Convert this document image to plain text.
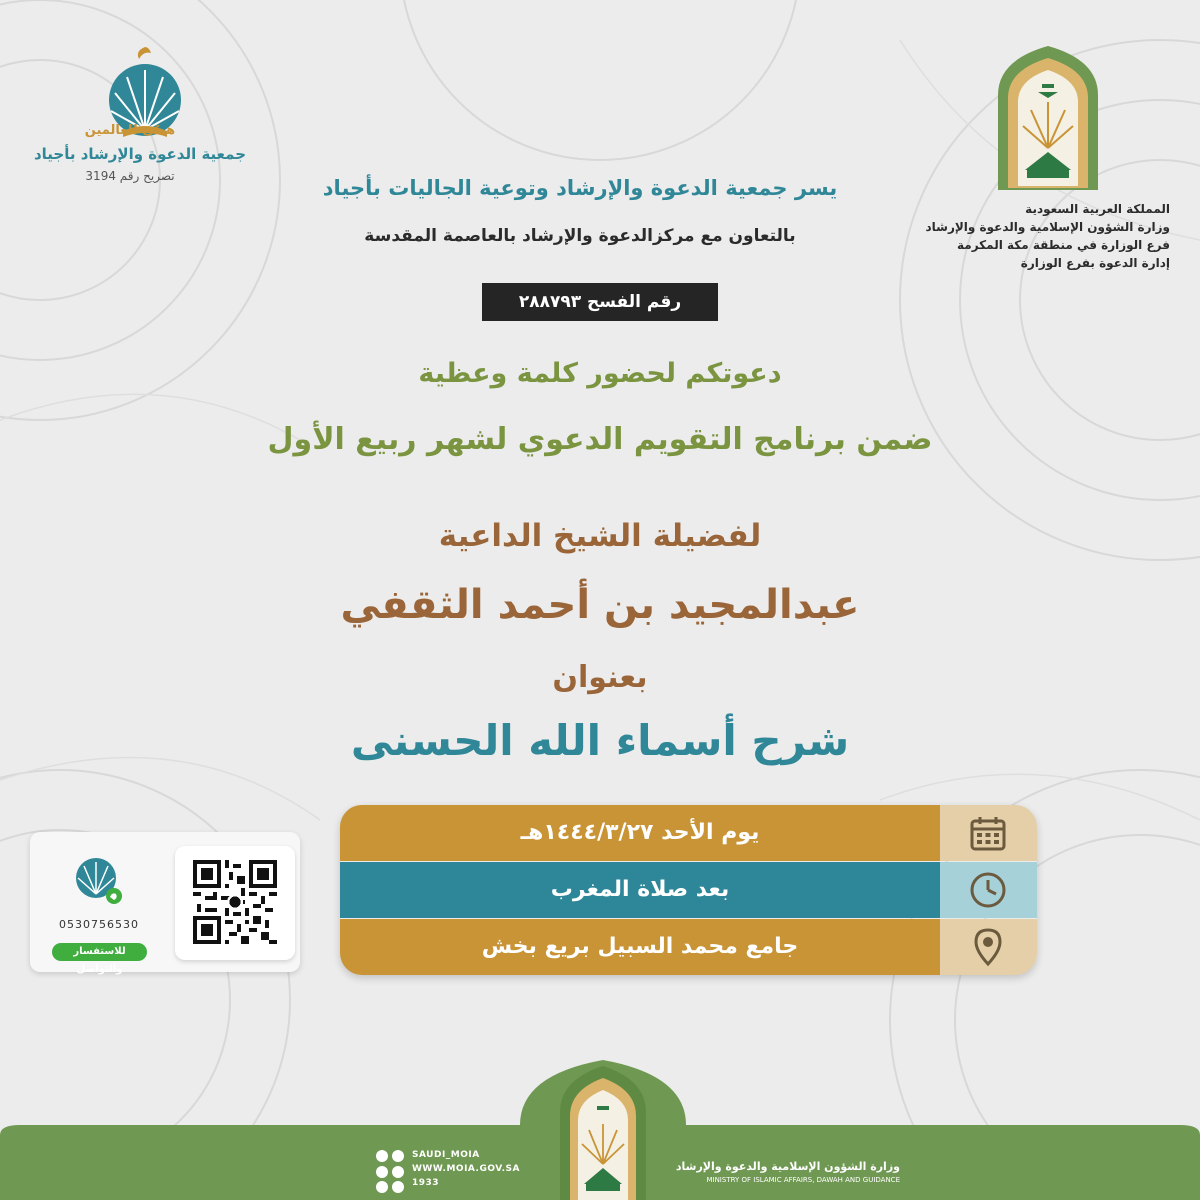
المملكة العربية السعودية
وزارة الشؤون الإسلامية والدعوة والإرشاد
فرع الوزارة في منطقة مكة المكرمة
إدارة الدعوة بفرع الوزارة
هـدًى للعالمين
جمعية الدعوة والإرشاد بأجياد
تصريح رقم 3194	يسر جمعية الدعوة والإرشاد وتوعية الجاليات بأجياد
بالتعاون مع مركزالدعوة والإرشاد بالعاصمة المقدسة
رقم الفسح ٢٨٨٧٩٣
دعوتكم لحضور كلمة وعظية
ضمن برنامج التقويم الدعوي لشهر ربيع الأول
لفضيلة الشيخ الداعية
عبدالمجيد بن أحمد الثقفي
بعنوان
شرح أسماء الله الحسنى
يوم الأحد ١٤٤٤/٣/٢٧هـ
بعد صلاة المغرب
جامع محمد السبيل بريع بخش
0530756530
للاستفسار والتواصل
وزارة الشؤون الإسلامية والدعوة والإرشاد
MINISTRY OF ISLAMIC AFFAIRS, DAWAH AND GUIDANCE
SAUDI_MOIA
WWW.MOIA.GOV.SA
1933
